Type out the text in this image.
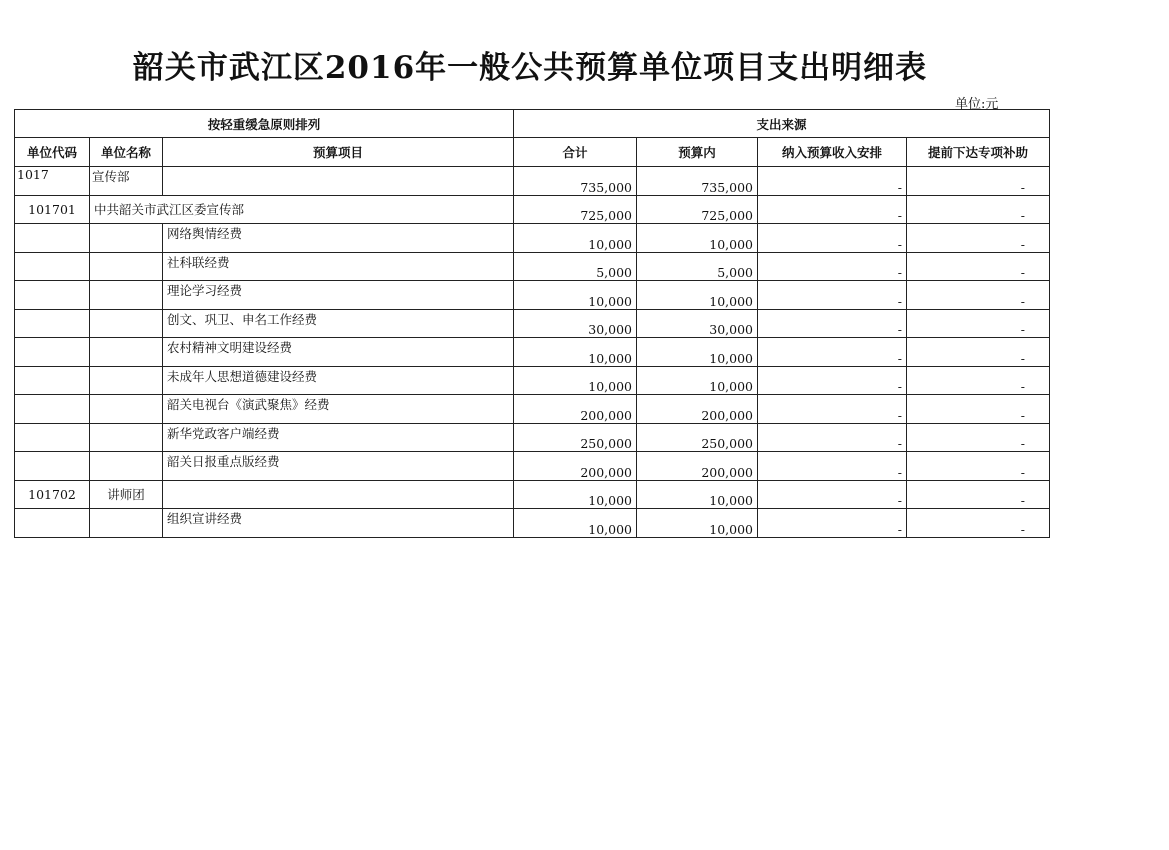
韶关市武江区2016年一般公共预算单位项目支出明细表
单位:元
按轻重缓急原则排列			支出来源			
单位代码	单位名称	预算项目	合计	预算内	纳入预算收入安排	提前下达专项补助
1017	宣传部		735,000	735,000	-	-
101701	中共韶关市武江区委宣传部		725,000	725,000	-	-
		网络舆情经费	10,000	10,000	-	-
		社科联经费	5,000	5,000	-	-
		理论学习经费	10,000	10,000	-	-
		创文、巩卫、申名工作经费	30,000	30,000	-	-
		农村精神文明建设经费	10,000	10,000	-	-
		未成年人思想道德建设经费	10,000	10,000	-	-
		韶关电视台《演武聚焦》经费	200,000	200,000	-	-
		新华党政客户端经费	250,000	250,000	-	-
		韶关日报重点版经费	200,000	200,000	-	-
101702	讲师团		10,000	10,000	-	-
		组织宣讲经费	10,000	10,000	-	-
